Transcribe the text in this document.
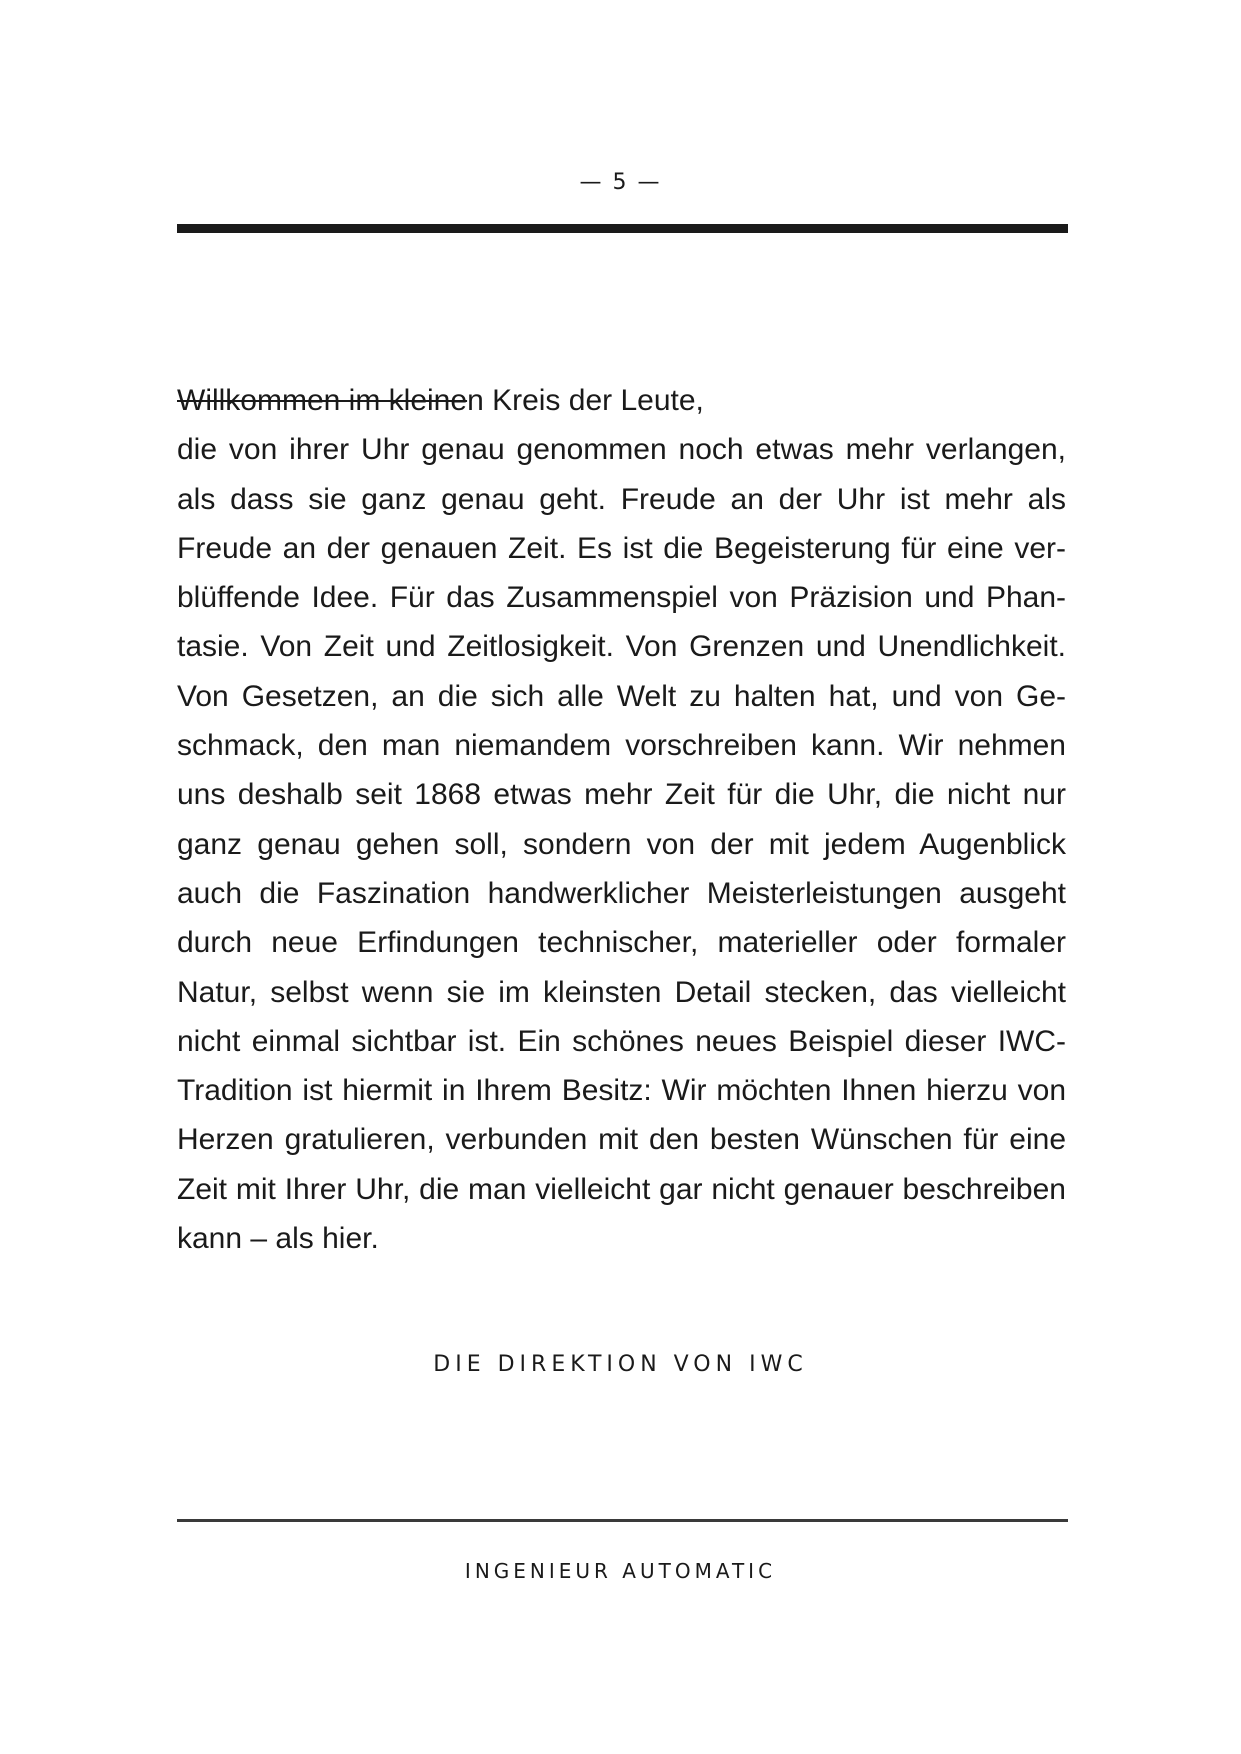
— 5 —
Willkommen im kleinen Kreis der Leute,
die von ihrer Uhr genau genommen noch etwas mehr verlangen,
als dass sie ganz genau geht. Freude an der Uhr ist mehr als
Freude an der genauen Zeit. Es ist die Begeisterung für eine ver-
blüffende Idee. Für das Zusammenspiel von Präzision und Phan-
tasie. Von Zeit und Zeitlosigkeit. Von Grenzen und Unendlichkeit.
Von Gesetzen, an die sich alle Welt zu halten hat, und von Ge-
schmack, den man niemandem vorschreiben kann. Wir nehmen
uns deshalb seit 1868 etwas mehr Zeit für die Uhr, die nicht nur
ganz genau gehen soll, sondern von der mit jedem Augenblick
auch die Faszination handwerklicher Meisterleistungen ausgeht
durch neue Erfindungen technischer, materieller oder formaler
Natur, selbst wenn sie im kleinsten Detail stecken, das vielleicht
nicht einmal sichtbar ist. Ein schönes neues Beispiel dieser IWC-
Tradition ist hiermit in Ihrem Besitz: Wir möchten Ihnen hierzu von
Herzen gratulieren, verbunden mit den besten Wünschen für eine
Zeit mit Ihrer Uhr, die man vielleicht gar nicht genauer beschreiben
kann – als hier.
DIE DIREKTION VON IWC
INGENIEUR AUTOMATIC
